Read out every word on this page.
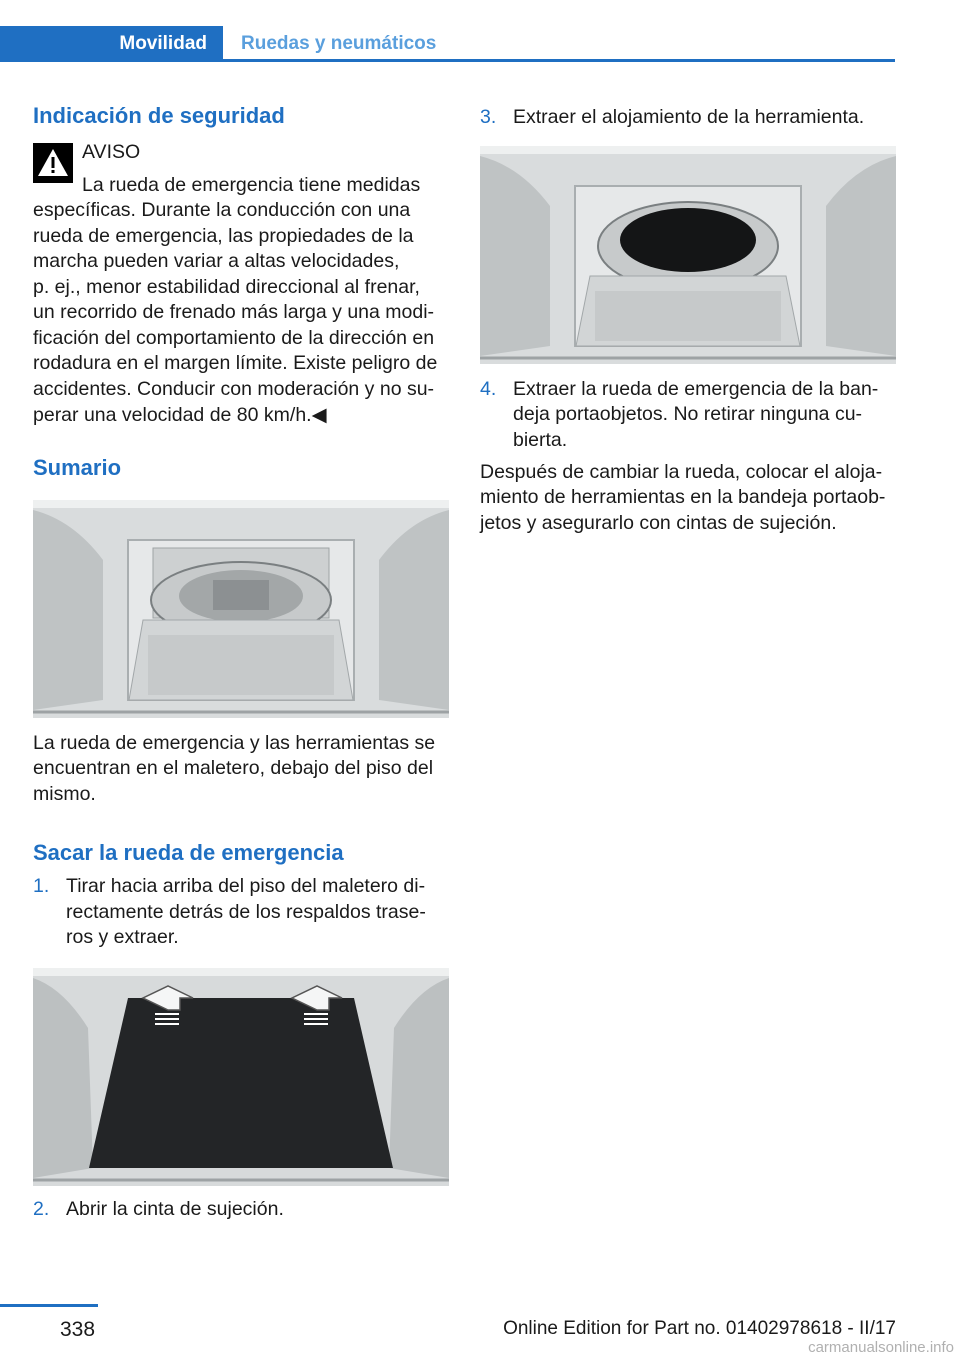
Movilidad	Ruedas y neumáticos
Indicación de seguridad
AVISO
La rueda de emergencia tiene medidas
específicas. Durante la conducción con una
rueda de emergencia, las propiedades de la
marcha pueden variar a altas velocidades,
p. ej., menor estabilidad direccional al frenar,
un recorrido de frenado más larga y una modi‐
ficación del comportamiento de la dirección en
rodadura en el margen límite. Existe peligro de
accidentes. Conducir con moderación y no su‐
perar una velocidad de 80 km/h.◀
Sumario
La rueda de emergencia y las herramientas se
encuentran en el maletero, debajo del piso del
mismo.
Sacar la rueda de emergencia
1. Tirar hacia arriba del piso del maletero di‐
rectamente detrás de los respaldos trase‐
ros y extraer.
2. Abrir la cinta de sujeción.
3. Extraer el alojamiento de la herramienta.
4. Extraer la rueda de emergencia de la ban‐
deja portaobjetos. No retirar ninguna cu‐
bierta.
Después de cambiar la rueda, colocar el aloja‐
miento de herramientas en la bandeja portaob‐
jetos y asegurarlo con cintas de sujeción.
338	Online Edition for Part no. 01402978618 - II/17
carmanualsonline.info
